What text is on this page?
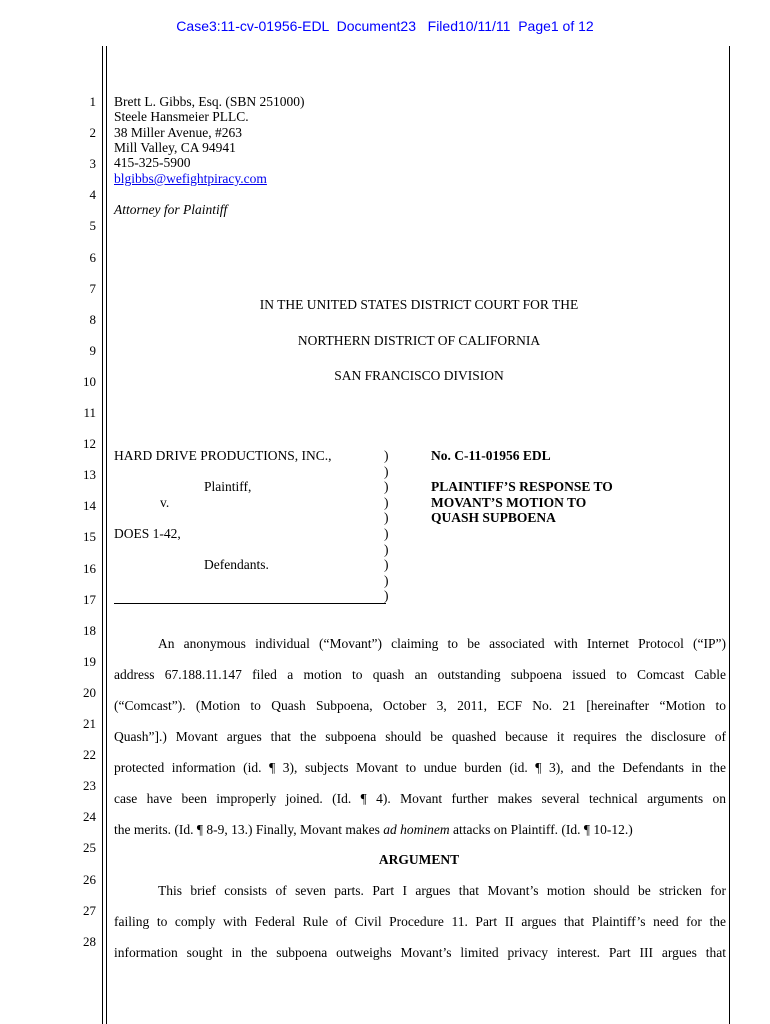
Case3:11-cv-01956-EDL  Document23   Filed10/11/11  Page1 of 12
1
2
3
4
5
6
7
8
9
10
11
12
13
14
15
16
17
18
19
20
21
22
23
24
25
26
27
28
Brett L. Gibbs, Esq. (SBN 251000)
Steele Hansmeier PLLC.
38 Miller Avenue, #263
Mill Valley, CA 94941
415-325-5900
blgibbs@wefightpiracy.com
Attorney for Plaintiff
IN THE UNITED STATES DISTRICT COURT FOR THE
NORTHERN DISTRICT OF CALIFORNIA
SAN FRANCISCO DIVISION
HARD DRIVE PRODUCTIONS, INC.,
Plaintiff,
v.
DOES 1-42,
Defendants.
)
)
)
)
)
)
)
)
)
)
No. C-11-01956 EDL
PLAINTIFF’S RESPONSE TO
MOVANT’S MOTION TO
QUASH SUPBOENA
An anonymous individual (“Movant”) claiming to be associated with Internet Protocol (“IP”)
address 67.188.11.147 filed a motion to quash an outstanding subpoena issued to Comcast Cable
(“Comcast”). (Motion to Quash Subpoena, October 3, 2011, ECF No. 21 [hereinafter “Motion to
Quash”].) Movant argues that the subpoena should be quashed because it requires the disclosure of
protected information (id. ¶ 3), subjects Movant to undue burden (id. ¶ 3), and the Defendants in the
case have been improperly joined. (Id. ¶ 4). Movant further makes several technical arguments on
the merits. (Id. ¶ 8-9, 13.) Finally, Movant makes ad hominem attacks on Plaintiff. (Id. ¶ 10-12.)
ARGUMENT
This brief consists of seven parts. Part I argues that Movant’s motion should be stricken for
failing to comply with Federal Rule of Civil Procedure 11. Part II argues that Plaintiff’s need for the
information sought in the subpoena outweighs Movant’s limited privacy interest. Part III argues that
